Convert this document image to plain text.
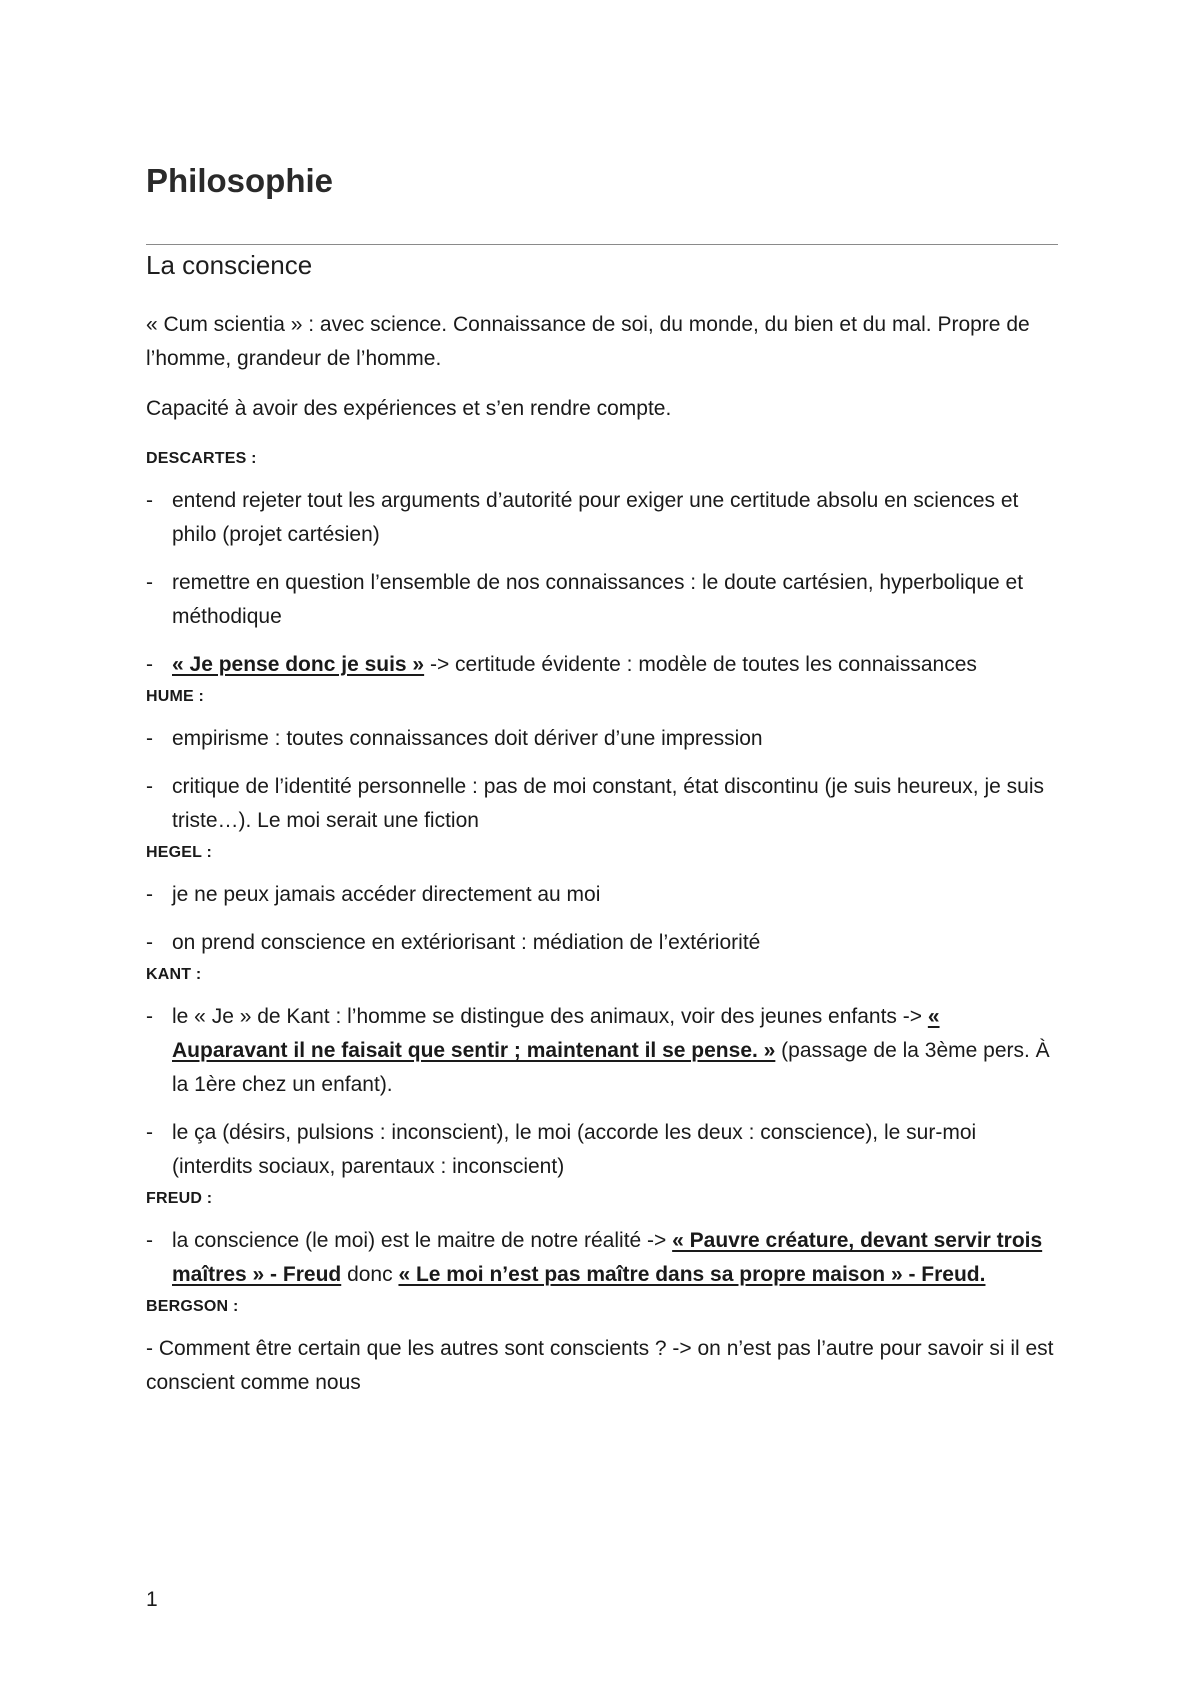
Philosophie
La conscience

« Cum scientia » : avec science. Connaissance de soi, du monde, du bien et du mal. Propre de l’homme, grandeur de l’homme.

Capacité à avoir des expériences et s’en rendre compte.

DESCARTES :
- entend rejeter tout les arguments d’autorité pour exiger une certitude absolu en sciences et philo (projet cartésien)
- remettre en question l’ensemble de nos connaissances : le doute cartésien, hyperbolique et méthodique
- « Je pense donc je suis » -> certitude évidente : modèle de toutes les connaissances
HUME :
- empirisme : toutes connaissances doit dériver d’une impression
- critique de l’identité personnelle : pas de moi constant, état discontinu (je suis heureux, je suis triste…). Le moi serait une fiction
HEGEL :
- je ne peux jamais accéder directement au moi
- on prend conscience en extériorisant : médiation de l’extériorité
KANT :
- le « Je » de Kant : l’homme se distingue des animaux, voir des jeunes enfants -> « Auparavant il ne faisait que sentir ; maintenant il se pense. » (passage de la 3ème pers. À la 1ère chez un enfant).
- le ça (désirs, pulsions : inconscient), le moi (accorde les deux : conscience), le sur-moi (interdits sociaux, parentaux : inconscient)
FREUD :
- la conscience (le moi) est le maitre de notre réalité -> « Pauvre créature, devant servir trois maîtres » - Freud donc « Le moi n’est pas maître dans sa propre maison » - Freud.
BERGSON :

- Comment être certain que les autres sont conscients ? -> on n’est pas l’autre pour savoir si il est conscient comme nous

1
